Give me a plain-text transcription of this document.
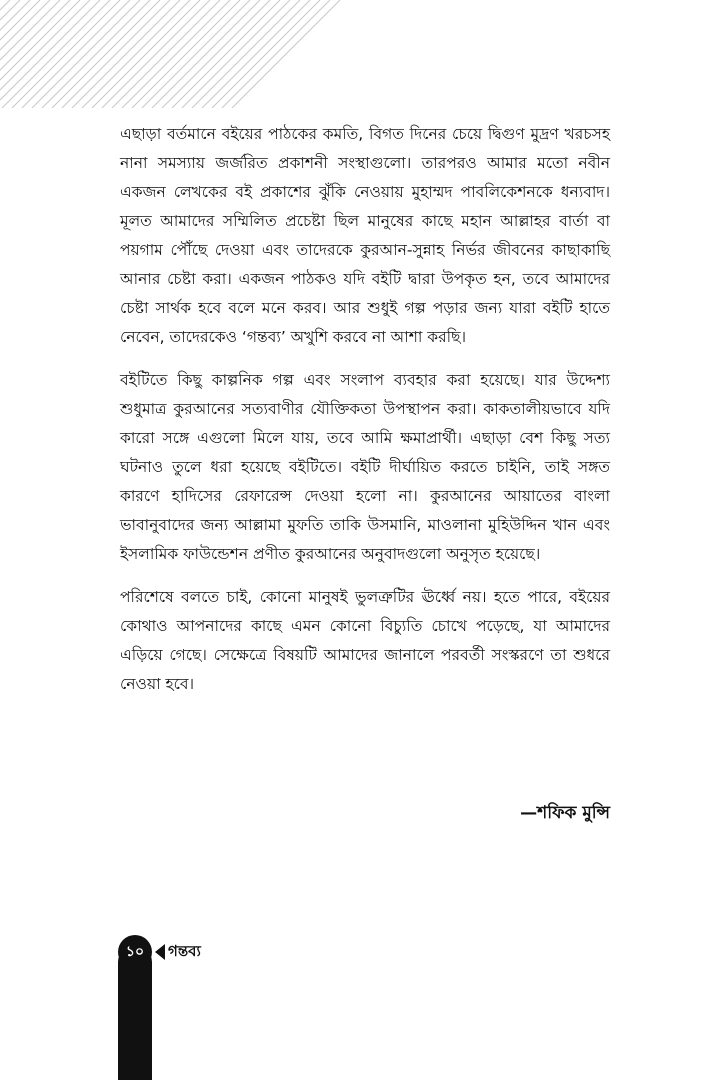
এছাড়া বর্তমানে বইয়ের পাঠকের কমতি, বিগত দিনের চেয়ে দ্বিগুণ মুদ্রণ খরচসহ নানা সমস্যায় জর্জরিত প্রকাশনী সংস্থাগুলো। তারপরও আমার মতো নবীন একজন লেখকের বই প্রকাশের ঝুঁকি নেওয়ায় মুহাম্মদ পাবলিকেশনকে ধন্যবাদ। মূলত আমাদের সম্মিলিত প্রচেষ্টা ছিল মানুষের কাছে মহান আল্লাহর বার্তা বা পয়গাম পৌঁছে দেওয়া এবং তাদেরকে কুরআন-সুন্নাহ নির্ভর জীবনের কাছাকাছি আনার চেষ্টা করা। একজন পাঠকও যদি বইটি দ্বারা উপকৃত হন, তবে আমাদের চেষ্টা সার্থক হবে বলে মনে করব। আর শুধুই গল্প পড়ার জন্য যারা বইটি হাতে নেবেন, তাদেরকেও ‘গন্তব্য’ অখুশি করবে না আশা করছি।

বইটিতে কিছু কাল্পনিক গল্প এবং সংলাপ ব্যবহার করা হয়েছে। যার উদ্দেশ্য শুধুমাত্র কুরআনের সত্যবাণীর যৌক্তিকতা উপস্থাপন করা। কাকতালীয়ভাবে যদি কারো সঙ্গে এগুলো মিলে যায়, তবে আমি ক্ষমাপ্রার্থী। এছাড়া বেশ কিছু সত্য ঘটনাও তুলে ধরা হয়েছে বইটিতে। বইটি দীর্ঘায়িত করতে চাইনি, তাই সঙ্গত কারণে হাদিসের রেফারেন্স দেওয়া হলো না। কুরআনের আয়াতের বাংলা ভাবানুবাদের জন্য আল্লামা মুফতি তাকি উসমানি, মাওলানা মুহিউদ্দিন খান এবং ইসলামিক ফাউন্ডেশন প্রণীত কুরআনের অনুবাদগুলো অনুসৃত হয়েছে।

পরিশেষে বলতে চাই, কোনো মানুষই ভুলত্রুটির ঊর্ধ্বে নয়। হতে পারে, বইয়ের কোথাও আপনাদের কাছে এমন কোনো বিচ্যুতি চোখে পড়েছে, যা আমাদের এড়িয়ে গেছে। সেক্ষেত্রে বিষয়টি আমাদের জানালে পরবর্তী সংস্করণে তা শুধরে নেওয়া হবে।

—শফিক মুন্সি

১০	গন্তব্য
